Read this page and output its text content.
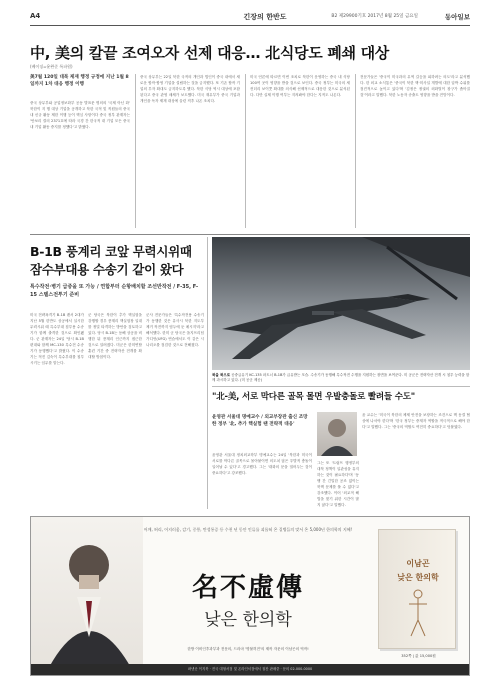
A4	긴장의 한반도	B2 제29900기호 2017년 8월 25일 금요일	동아일보
中, 美의 칼끝 조여오자 선제 대응… 北식당도 폐쇄 대상
(베이징=윤완준 특파원)
美7월 120일 대북 제재 행정 규정에 지난 1월 8일까지 1차 대응 행정 이행
중국 상무부와 공업정보화부 공동 발표문 명의의 '국제 아닌 화' 북한이 지 행 대상 기업을 공개하고 북한 국적 및 직원들의 중국 내 신규 활동 제한 이행 등이 핵심 사항이다 중국 정부 관계자는 '안보리 결의 2371호에 따라 국경 간 한국적 대 기업 모든 중국 내 기업 활동 중지를 정했다'고 밝혔다.
중국 상무부는 22일 북한 국적의 개인과 법인이 중국 내에서 새로운 합작·합영 기업을 설립하는 것을 금지했다. 또 기존 합작 기업의 투자 확대도 금지하도록 했다. 북한 식당 역시 대상에 포함된다고 중국 관영 매체가 보도했다. 미국 재무부가 중국 기업과 개인을 독자 제재 대상에 올린 직후 나온 조치다.
미국 언론에 따르면 이번 조치로 북한이 운영하는 중국 내 식당 100여 곳이 영향을 받을 것으로 보인다. 중국 정부는 미국의 세컨더리 보이콧 확대를 의식해 선제적으로 대응한 것으로 분석된다. 다만 실제 이행 여부는 지켜봐야 한다는 지적도 나온다.
전문가들은 '중국이 미국과의 무역 갈등을 피하려는 의도'라고 분석했다. 한 외교 소식통은 '중국이 북한 핵·미사일 개발에 대한 압박 수위를 점진적으로 높이고 있다'며 '김정은 정권의 외화벌이 창구가 좁아질 것'이라고 말했다. 북한 노동자 송출도 영향을 받을 전망이다.
B-1B 풍계리 코앞 무력시위때
잠수부대용 수송기 같이 왔다
특수작전·병기 급증을 또 가능 / 연합부터 순항배치할 조선반작전 / F-35, F-15 스텔스전투기 준비
미국 전략폭격기 B-1B 랜서 2대가 지난 5월 한반도 상공에서 실시한 무력시위 때 특수부대 침투용 수송기가 함께 출격한 것으로 확인됐다. 군 관계자는 24일 '당시 B-1B 편대와 함께 MC-130 특수전 수송기가 동행했다'고 밝혔다. 이 수송기는 적진 깊숙이 특수부대를 침투시키는 임무를 맡는다.
군 당국은 북한이 추가 핵실험을 강행할 경우 풍계리 핵실험장 일대를 정밀 타격하는 방안을 검토하고 있다. 당시 B-1B는 동해 상공을 비행한 뒤 풍계리 인근까지 접근한 것으로 알려졌다. 미군은 한미연합훈련 기간 중 전략자산 전개를 확대할 방침이다.
군사 전문가들은 '특수작전용 수송기가 동행한 것은 유사시 북한 지도부 제거 작전까지 염두에 둔 메시지'라고 해석했다. 한미 군 당국은 을지프리덤가디언(UFG) 연습에서도 이 같은 시나리오를 점검한 것으로 전해졌다.
북을 북으로 공중급유기 KC-135 파트너 B-1B가 급유받는 모습. 수송기가 동행해 특수작전 수행을 지원하는 장면을 보여준다. 미 공군은 전략자산 전개 시 침투 능력을 함께 과시하고 있다. (미 공군 제공)
"北-美, 서로 막다른 골목 몰면 우발충돌로 빨려들 수도"
윤영관 서울대 명예교수 / 외교부장관 출신 조망한 정부 '北, 추가 핵실험 땐 전략적 대응'
윤영관 서울대 정치외교학부 명예교수는 24일 '북한과 미국이 서로를 막다른 골목으로 몰아붙이면 의도치 않은 우발적 충돌이 일어날 수 있다'고 경고했다. 그는 '대화의 문을 열어두는 것이 중요하다'고 강조했다.
윤 교수는 '미국이 북한의 체제 안전을 보장하는 조건으로 핵 동결 협상에 나서야 한다'며 '한국 정부는 중재자 역할을 적극적으로 해야 한다'고 말했다. 그는 '중국의 역할도 여전히 중요하다'고 덧붙였다.
그는 또 '트럼프 행정부의 대북 정책이 일관성을 유지하는 것이 필요하다'며 '동맹 간 긴밀한 공조 없이는 북핵 문제를 풀 수 없다'고 강조했다. 이어 '외교적 해법을 찾기 위한 시간이 많지 않다'고 말했다.
어깨, 허리, 어지러움, 감기, 중풍, 만성통증 등 수천 년 동안 인류를 괴롭혀 온 질병들의 맞서 온 5,000년 한의학의 지혜!
名不虛傳
낮은 한의학
한방 이비인후과부과 전문의, 드라마 '명불허전'의 제작 자문의 이남곤의 역작!
이남곤
낮은 한의학
352쪽 | 값 15,000원
펴낸곳 이지북 · 전국 대형서점 및 온라인서점에서 절찬 판매중 · 문의 02-000-0000
